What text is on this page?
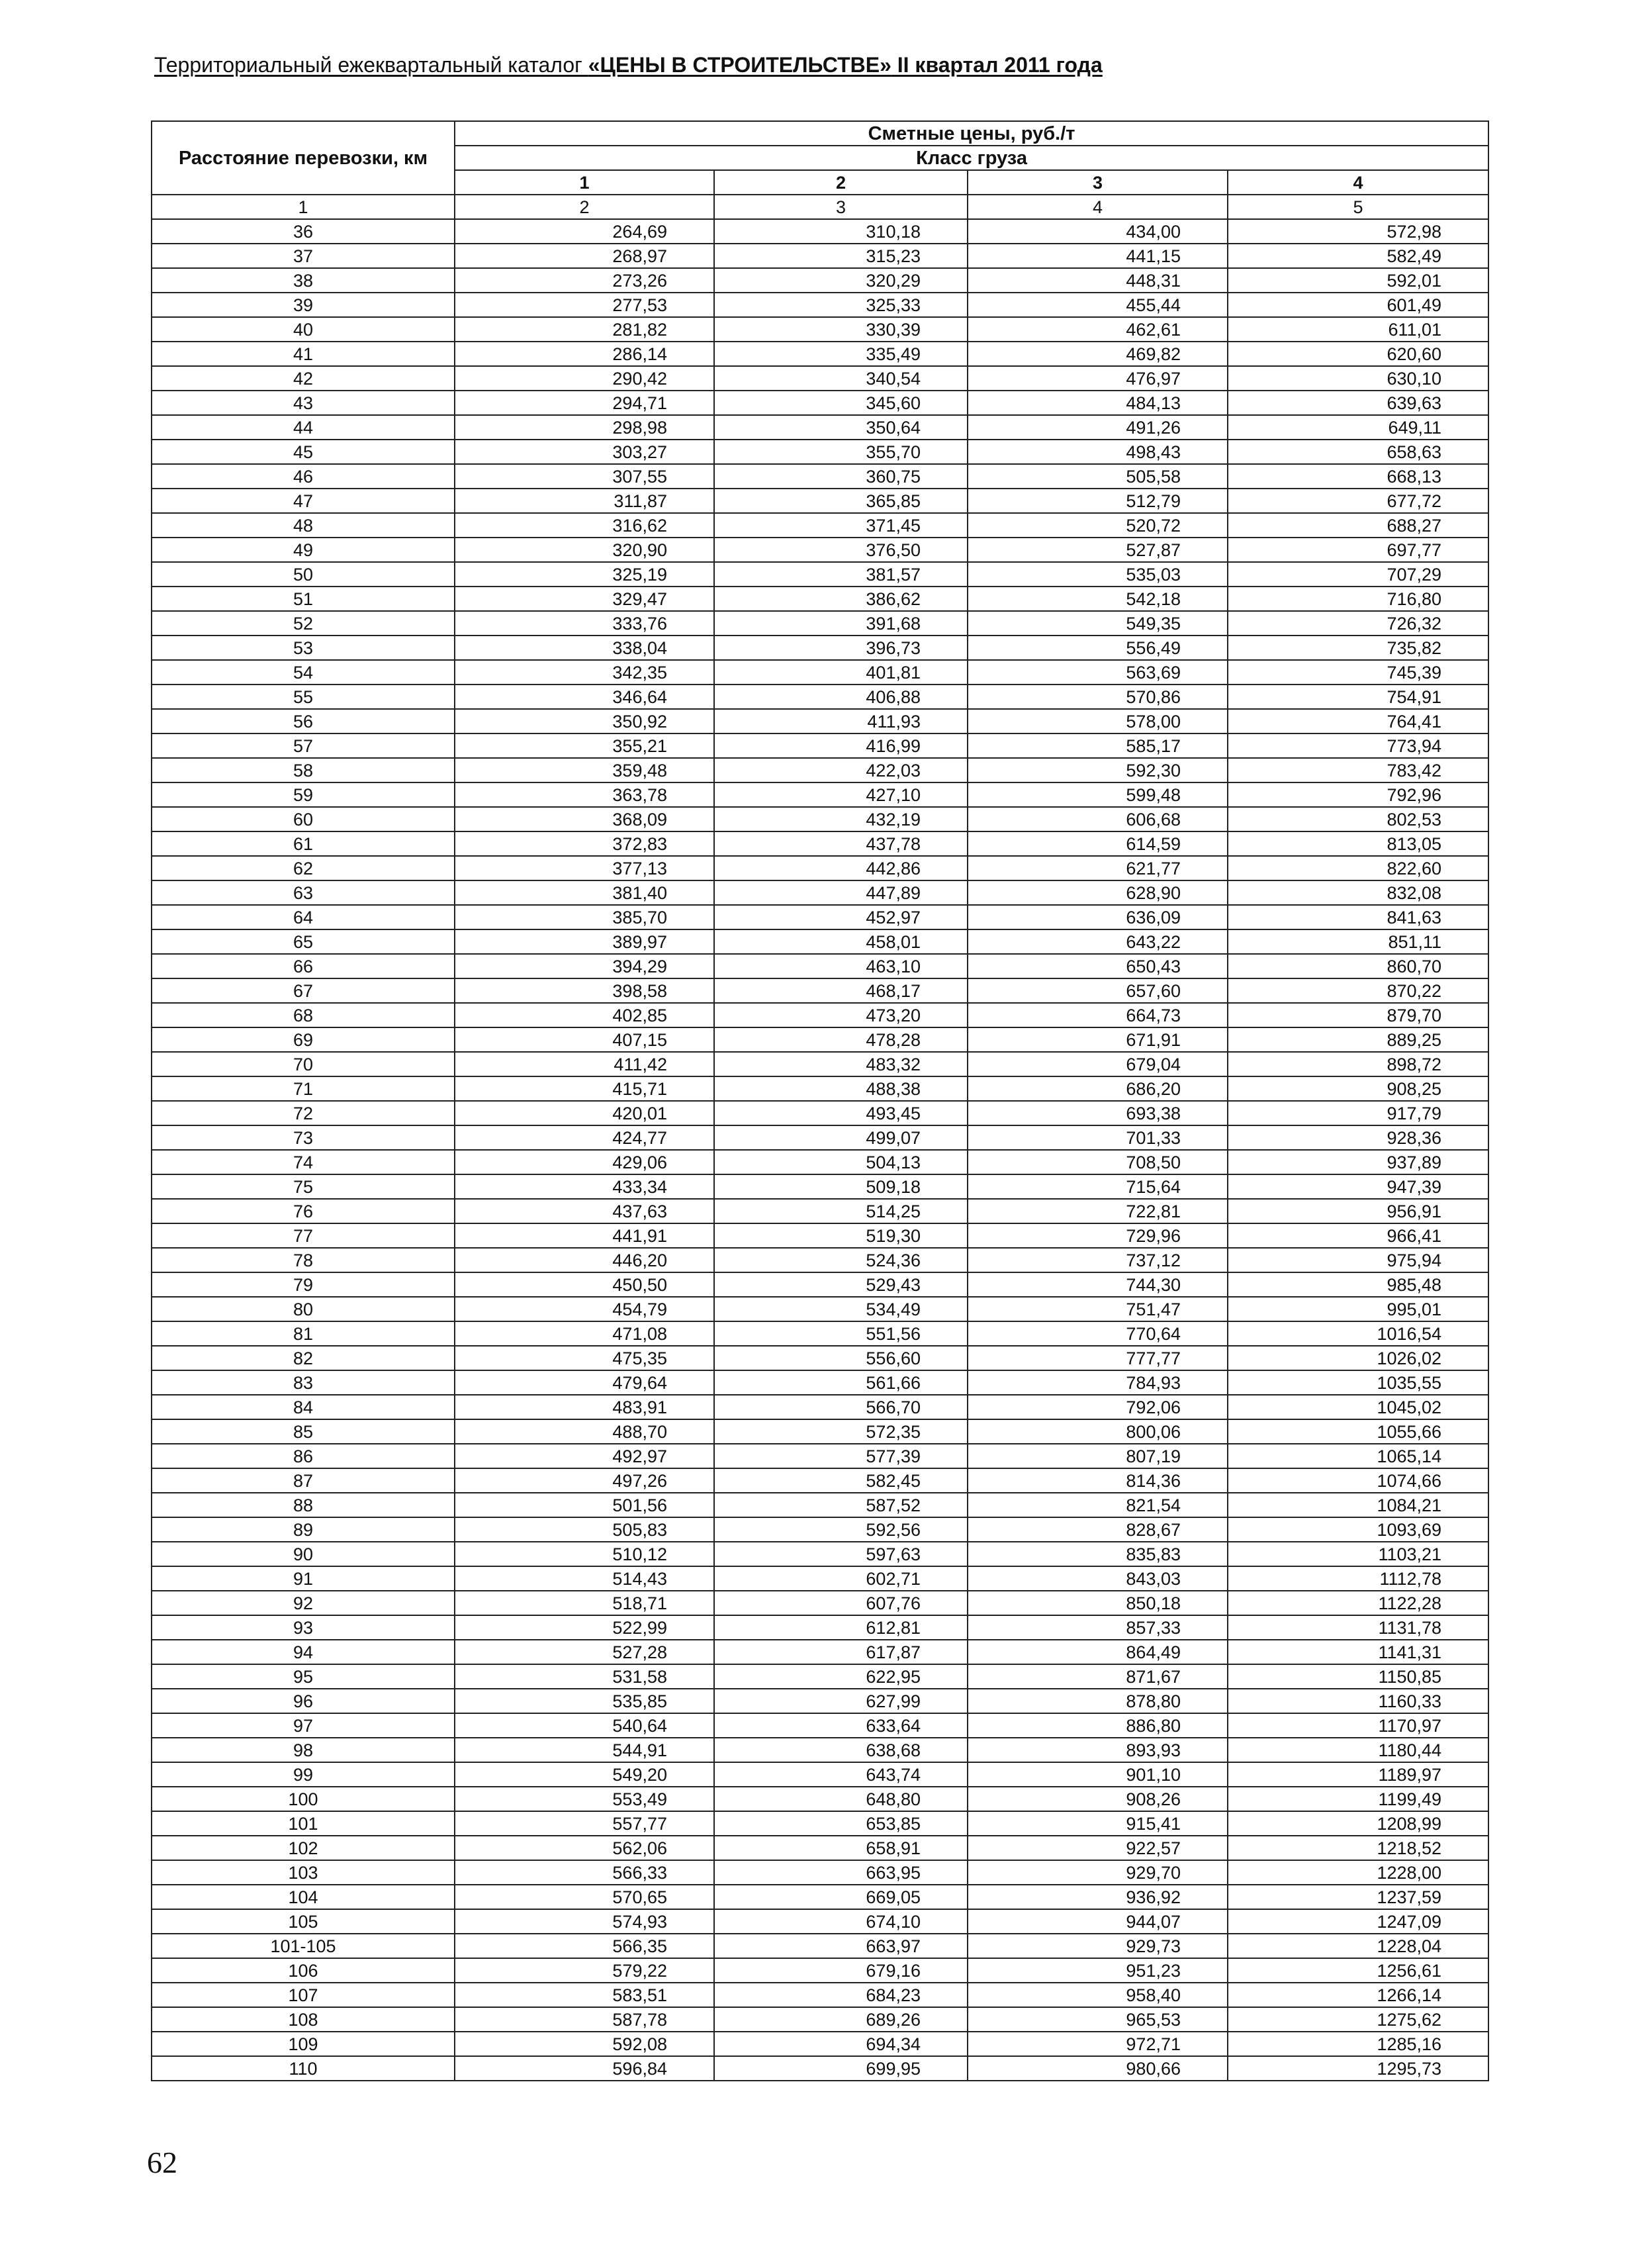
Территориальный ежеквартальный каталог «ЦЕНЫ В СТРОИТЕЛЬСТВЕ» II квартал 2011 года
Расстояние перевозки, км	Сметные цены, руб./т			
	Класс груза			
	1	2	3	4
1	2	3	4	5
36	264,69	310,18	434,00	572,98
37	268,97	315,23	441,15	582,49
38	273,26	320,29	448,31	592,01
39	277,53	325,33	455,44	601,49
40	281,82	330,39	462,61	611,01
41	286,14	335,49	469,82	620,60
42	290,42	340,54	476,97	630,10
43	294,71	345,60	484,13	639,63
44	298,98	350,64	491,26	649,11
45	303,27	355,70	498,43	658,63
46	307,55	360,75	505,58	668,13
47	311,87	365,85	512,79	677,72
48	316,62	371,45	520,72	688,27
49	320,90	376,50	527,87	697,77
50	325,19	381,57	535,03	707,29
51	329,47	386,62	542,18	716,80
52	333,76	391,68	549,35	726,32
53	338,04	396,73	556,49	735,82
54	342,35	401,81	563,69	745,39
55	346,64	406,88	570,86	754,91
56	350,92	411,93	578,00	764,41
57	355,21	416,99	585,17	773,94
58	359,48	422,03	592,30	783,42
59	363,78	427,10	599,48	792,96
60	368,09	432,19	606,68	802,53
61	372,83	437,78	614,59	813,05
62	377,13	442,86	621,77	822,60
63	381,40	447,89	628,90	832,08
64	385,70	452,97	636,09	841,63
65	389,97	458,01	643,22	851,11
66	394,29	463,10	650,43	860,70
67	398,58	468,17	657,60	870,22
68	402,85	473,20	664,73	879,70
69	407,15	478,28	671,91	889,25
70	411,42	483,32	679,04	898,72
71	415,71	488,38	686,20	908,25
72	420,01	493,45	693,38	917,79
73	424,77	499,07	701,33	928,36
74	429,06	504,13	708,50	937,89
75	433,34	509,18	715,64	947,39
76	437,63	514,25	722,81	956,91
77	441,91	519,30	729,96	966,41
78	446,20	524,36	737,12	975,94
79	450,50	529,43	744,30	985,48
80	454,79	534,49	751,47	995,01
81	471,08	551,56	770,64	1016,54
82	475,35	556,60	777,77	1026,02
83	479,64	561,66	784,93	1035,55
84	483,91	566,70	792,06	1045,02
85	488,70	572,35	800,06	1055,66
86	492,97	577,39	807,19	1065,14
87	497,26	582,45	814,36	1074,66
88	501,56	587,52	821,54	1084,21
89	505,83	592,56	828,67	1093,69
90	510,12	597,63	835,83	1103,21
91	514,43	602,71	843,03	1112,78
92	518,71	607,76	850,18	1122,28
93	522,99	612,81	857,33	1131,78
94	527,28	617,87	864,49	1141,31
95	531,58	622,95	871,67	1150,85
96	535,85	627,99	878,80	1160,33
97	540,64	633,64	886,80	1170,97
98	544,91	638,68	893,93	1180,44
99	549,20	643,74	901,10	1189,97
100	553,49	648,80	908,26	1199,49
101	557,77	653,85	915,41	1208,99
102	562,06	658,91	922,57	1218,52
103	566,33	663,95	929,70	1228,00
104	570,65	669,05	936,92	1237,59
105	574,93	674,10	944,07	1247,09
101-105	566,35	663,97	929,73	1228,04
106	579,22	679,16	951,23	1256,61
107	583,51	684,23	958,40	1266,14
108	587,78	689,26	965,53	1275,62
109	592,08	694,34	972,71	1285,16
110	596,84	699,95	980,66	1295,73
62
